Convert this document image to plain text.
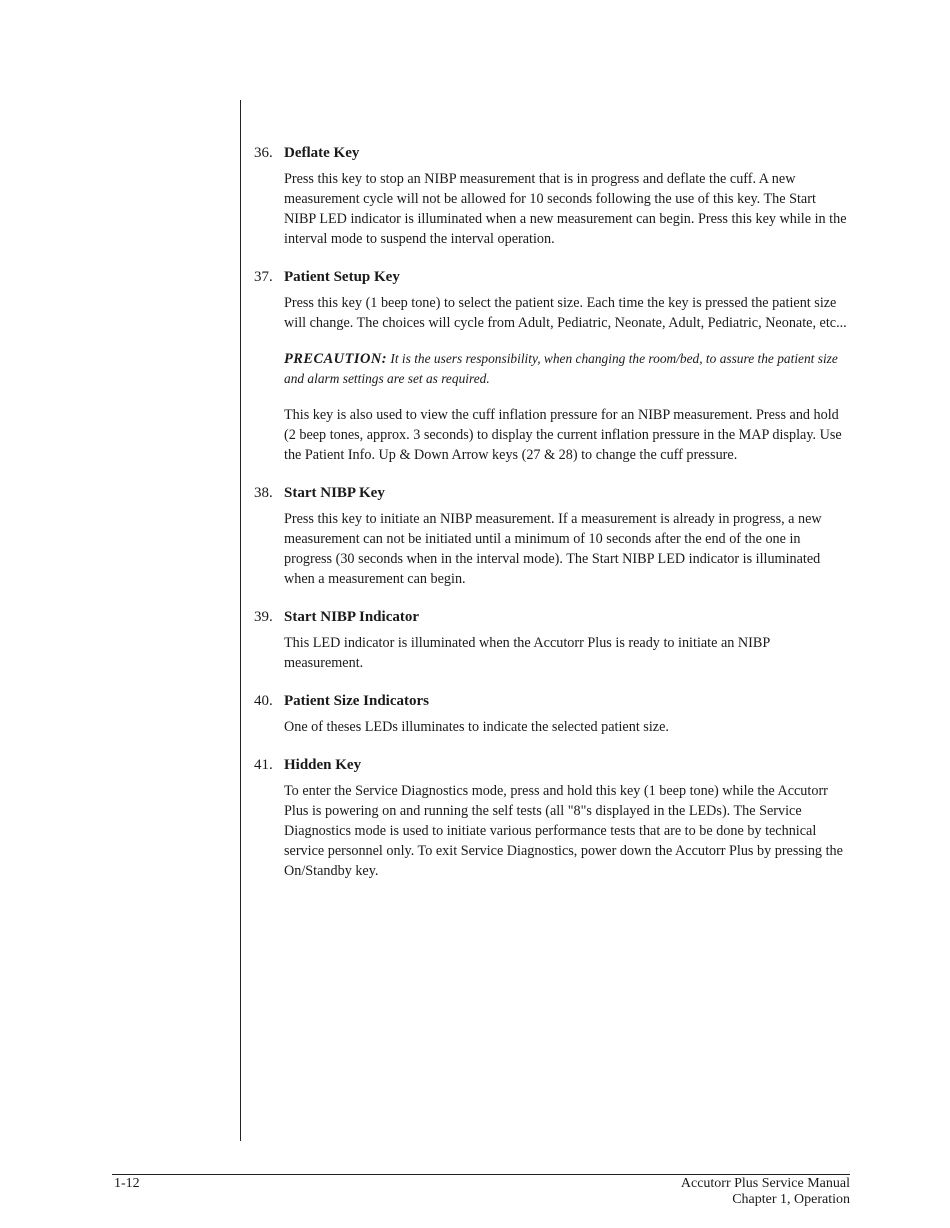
36. Deflate Key

Press this key to stop an NIBP measurement that is in progress and deflate the cuff. A new measurement cycle will not be allowed for 10 seconds following the use of this key. The Start NIBP LED indicator is illuminated when a new measurement can begin. Press this key while in the interval mode to suspend the interval operation.

37. Patient Setup Key

Press this key (1 beep tone) to select the patient size. Each time the key is pressed the patient size will change. The choices will cycle from Adult, Pediatric, Neonate, Adult, Pediatric, Neonate, etc...

PRECAUTION: It is the users responsibility, when changing the room/bed, to assure the patient size and alarm settings are set as required.

This key is also used to view the cuff inflation pressure for an NIBP measurement. Press and hold (2 beep tones, approx. 3 seconds) to display the current inflation pressure in the MAP display. Use the Patient Info. Up & Down Arrow keys (27 & 28) to change the cuff pressure.

38. Start NIBP Key

Press this key to initiate an NIBP measurement. If a measurement is already in progress, a new measurement can not be initiated until a minimum of 10 seconds after the end of the one in progress (30 seconds when in the interval mode). The Start NIBP LED indicator is illuminated when a measurement can begin.

39. Start NIBP Indicator

This LED indicator is illuminated when the Accutorr Plus is ready to initiate an NIBP measurement.

40. Patient Size Indicators

One of theses LEDs illuminates to indicate the selected patient size.

41. Hidden Key

To enter the Service Diagnostics mode, press and hold this key (1 beep tone) while the Accutorr Plus is powering on and running the self tests (all "8"s displayed in the LEDs). The Service Diagnostics mode is used to initiate various performance tests that are to be done by technical service personnel only. To exit Service Diagnostics, power down the Accutorr Plus by pressing the On/Standby key.

1-12	Accutorr Plus Service Manual
Chapter 1, Operation
